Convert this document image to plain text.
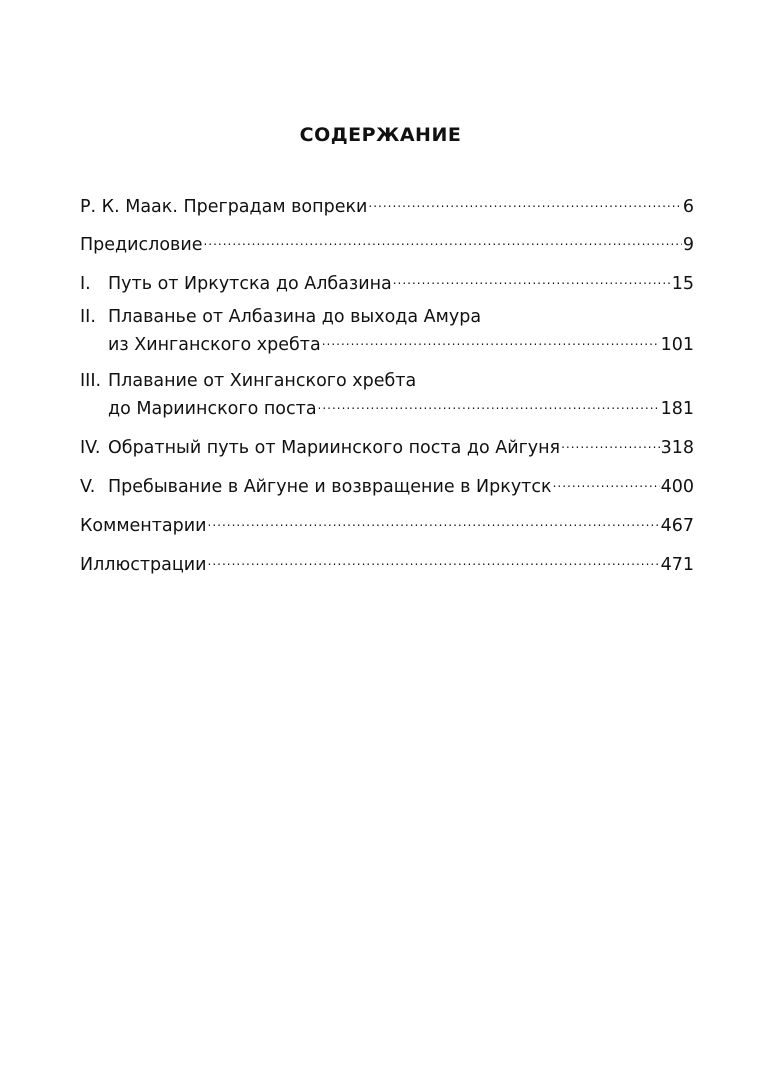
СОДЕРЖАНИЕ
Р. К. Маак. Преградам вопреки .....	6
Предисловие .....	9
I. Путь от Иркутска до Албазина .....	15
II. Плаванье от Албазина до выхода Амура
из Хинганского хребта .....	101
III. Плавание от Хинганского хребта
до Мариинского поста .....	181
IV. Обратный путь от Мариинского поста до Айгуня .....	318
V. Пребывание в Айгуне и возвращение в Иркутск .....	400
Комментарии .....	467
Иллюстрации .....	471
